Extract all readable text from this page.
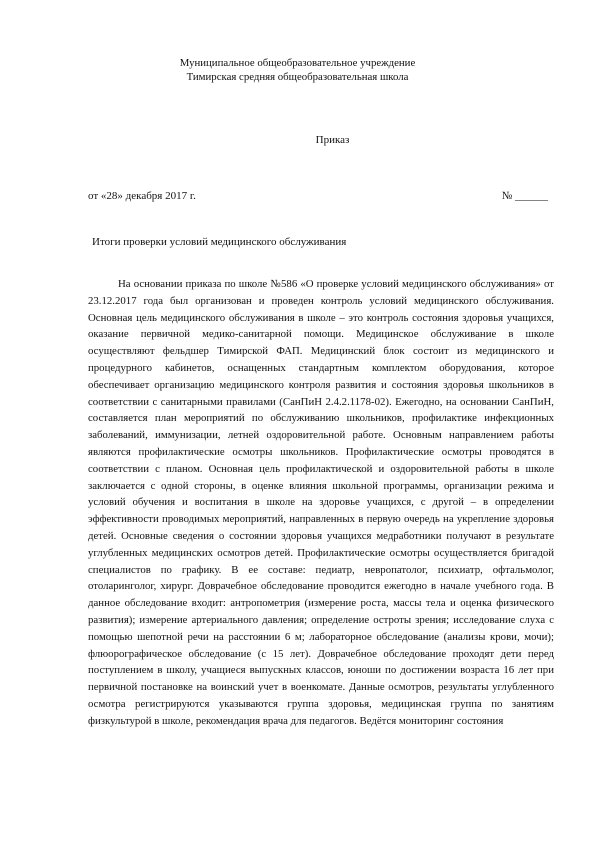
Муниципальное общеобразовательное учреждение
Тимирская средняя общеобразовательная школа
Приказ
от «28» декабря 2017 г.	№ ______
Итоги проверки условий медицинского обслуживания

На основании приказа по школе №586 «О проверке условий медицинского обслуживания» от 23.12.2017 года был организован и проведен контроль условий медицинского обслуживания. Основная цель медицинского обслуживания в школе – это контроль состояния здоровья учащихся, оказание первичной медико-санитарной помощи. Медицинское обслуживание в школе осуществляют фельдшер Тимирской ФАП. Медицинский блок состоит из медицинского и процедурного кабинетов, оснащенных стандартным комплектом оборудования, которое обеспечивает организацию медицинского контроля развития и состояния здоровья школьников в соответствии с санитарными правилами (СанПиН 2.4.2.1178-02). Ежегодно, на основании СанПиН, составляется план мероприятий по обслуживанию школьников, профилактике инфекционных заболеваний, иммунизации, летней оздоровительной работе. Основным направлением работы являются профилактические осмотры школьников. Профилактические осмотры проводятся в соответствии с планом. Основная цель профилактической и оздоровительной работы в школе заключается с одной стороны, в оценке влияния школьной программы, организации режима и условий обучения и воспитания в школе на здоровье учащихся, с другой – в определении эффективности проводимых мероприятий, направленных в первую очередь на укрепление здоровья детей. Основные сведения о состоянии здоровья учащихся медработники получают в результате углубленных медицинских осмотров детей. Профилактические осмотры осуществляется бригадой специалистов по графику. В ее составе: педиатр, невропатолог, психиатр, офтальмолог, отоларинголог, хирург. Доврачебное обследование проводится ежегодно в начале учебного года. В данное обследование входит: антропометрия (измерение роста, массы тела и оценка физического развития); измерение артериального давления; определение остроты зрения; исследование слуха с помощью шепотной речи на расстоянии 6 м; лабораторное обследование (анализы крови, мочи); флюорографическое обследование (с 15 лет). Доврачебное обследование проходят дети перед поступлением в школу, учащиеся выпускных классов, юноши по достижении возраста 16 лет при первичной постановке на воинский учет в военкомате. Данные осмотров, результаты углубленного осмотра регистрируются указываются группа здоровья, медицинская группа по занятиям физкультурой в школе, рекомендация врача для педагогов. Ведётся мониторинг состояния
